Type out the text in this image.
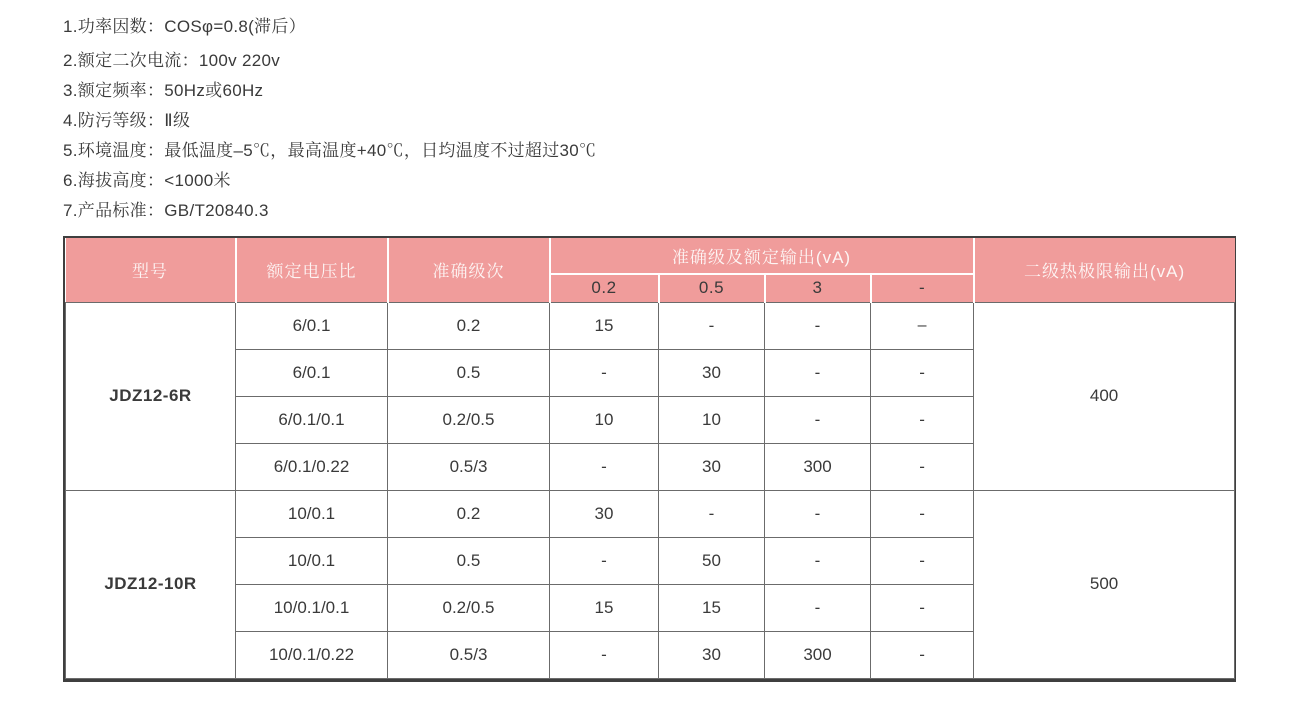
1.功率因数：COSφ=0.8(滞后）

2.额定二次电流：100v 220v

3.额定频率：50Hz或60Hz

4.防污等级：Ⅱ级

5.环境温度：最低温度–5℃，最高温度+40℃，日均温度不过超过30℃

6.海拔高度：<1000米

7.产品标准：GB/T20840.3

型号	额定电压比	准确级次	准确级及额定输出(vA)				二级热极限输出(vA)
			0.2	0.5	3	-	
JDZ12-6R	6/0.1	0.2	15	-	-	–	400
	6/0.1	0.5	-	30	-	-	
	6/0.1/0.1	0.2/0.5	10	10	-	-	
	6/0.1/0.22	0.5/3	-	30	300	-	
JDZ12-10R	10/0.1	0.2	30	-	-	-	500
	10/0.1	0.5	-	50	-	-	
	10/0.1/0.1	0.2/0.5	15	15	-	-	
	10/0.1/0.22	0.5/3	-	30	300	-	
